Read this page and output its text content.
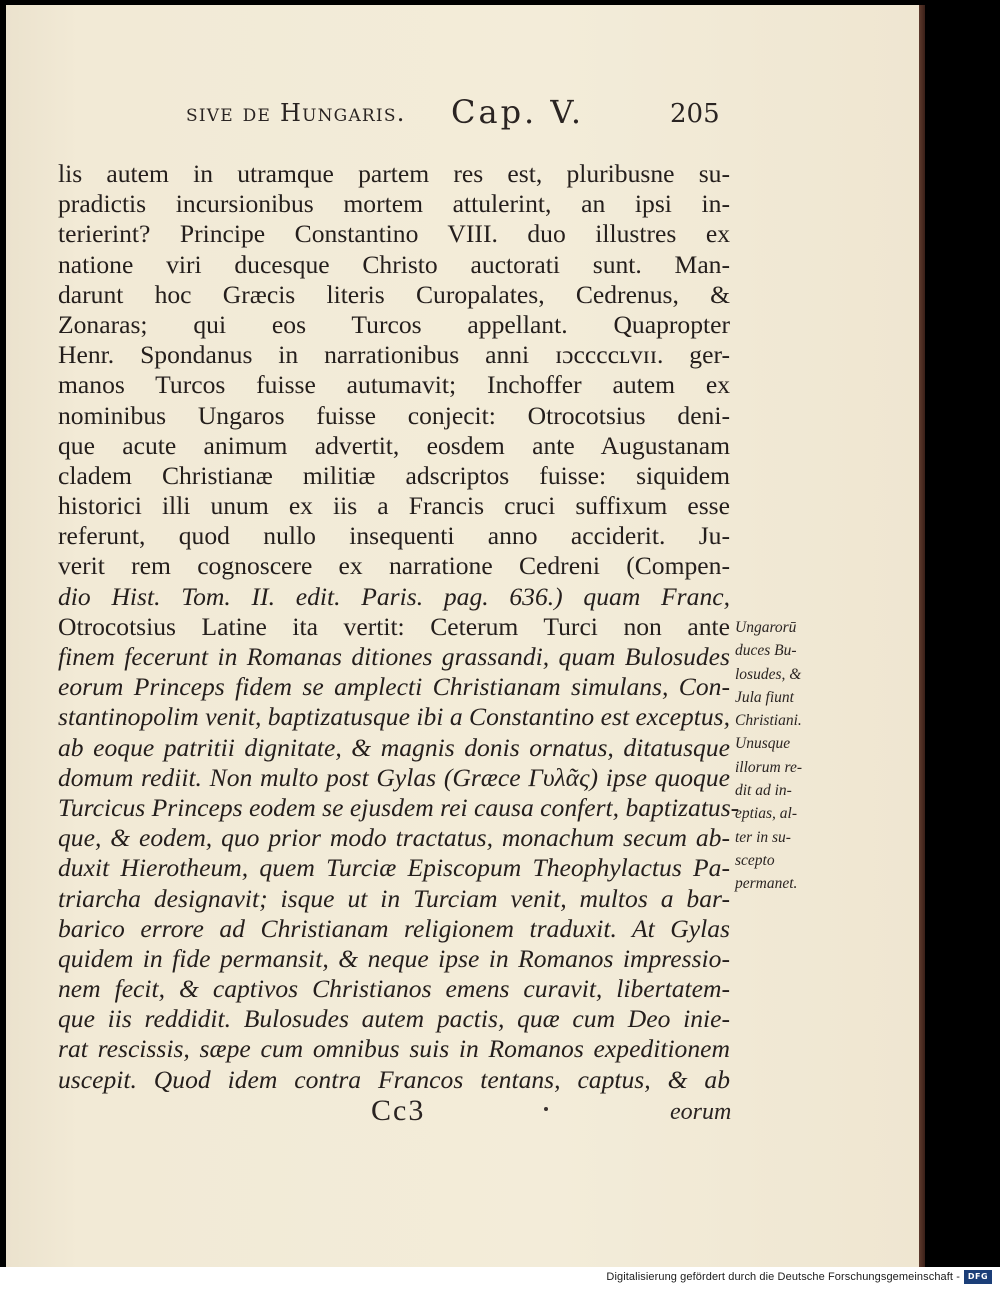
sive de Hungaris. Cap. V.	205
lis autem in utramque partem res est, pluribusne su-
pradictis incursionibus mortem attulerint, an ipsi in-
terierint? Principe Constantino VIII. duo illustres ex
natione viri ducesque Christo auctorati sunt. Man-
darunt hoc Græcis literis Curopalates, Cedrenus, &
Zonaras; qui eos Turcos appellant. Quapropter
Henr. Spondanus in narrationibus anni ɪɔccccʟᴠɪɪ. ger-
manos Turcos fuisse autumavit; Inchoffer autem ex
nominibus Ungaros fuisse conjecit: Otrocotsius deni-
que acute animum advertit, eosdem ante Augustanam
cladem Christianæ militiæ adscriptos fuisse: siquidem
historici illi unum ex iis a Francis cruci suffixum esse
referunt, quod nullo insequenti anno acciderit. Ju-
verit rem cognoscere ex narratione Cedreni (Compen-
dio Hist. Tom. II. edit. Paris. pag. 636.) quam Franc,
Otrocotsius Latine ita vertit: Ceterum Turci non ante
finem fecerunt in Romanas ditiones grassandi, quam Bulosudes
eorum Princeps fidem se amplecti Christianam simulans, Con-
stantinopolim venit, baptizatusque ibi a Constantino est exceptus,
ab eoque patritii dignitate, & magnis donis ornatus, ditatusque
domum rediit. Non multo post Gylas (Græce Γυλᾶς) ipse quoque
Turcicus Princeps eodem se ejusdem rei causa confert, baptizatus-
que, & eodem, quo prior modo tractatus, monachum secum ab-
duxit Hierotheum, quem Turciæ Episcopum Theophylactus Pa-
triarcha designavit; isque ut in Turciam venit, multos a bar-
barico errore ad Christianam religionem traduxit. At Gylas
quidem in fide permansit, & neque ipse in Romanos impressio-
nem fecit, & captivos Christianos emens curavit, libertatem-
que iis reddidit. Bulosudes autem pactis, quæ cum Deo inie-
rat rescissis, sæpe cum omnibus suis in Romanos expeditionem
uscepit. Quod idem contra Francos tentans, captus, & ab
Ungarorū
duces Bu-
losudes, &
Jula fiunt
Christiani.
Unusque
illorum re-
dit ad in-
eptias, al-
ter in su-
scepto
permanet.
Cc3	eorum
Digitalisierung gefördert durch die Deutsche Forschungsgemeinschaft - DFG
